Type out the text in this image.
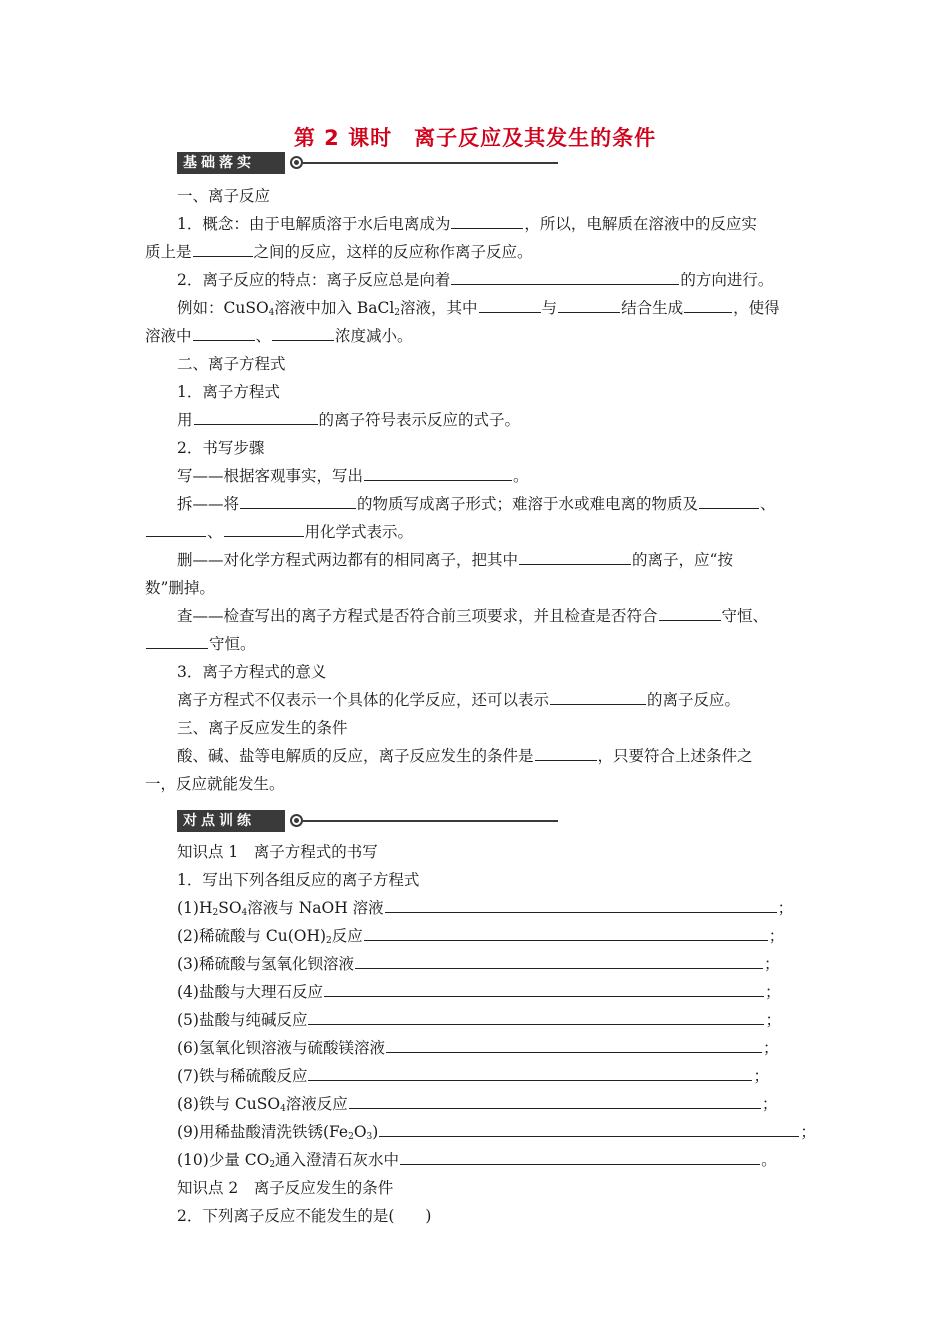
第 2 课时　离子反应及其发生的条件
基础落实
一、离子反应
1．概念：由于电解质溶于水后电离成为	，所以，电解质在溶液中的反应实
质上是	之间的反应，这样的反应称作离子反应。
2．离子反应的特点：离子反应总是向着	的方向进行。
例如：CuSO$_4$溶液中加入 BaCl$_2$溶液，其中	与	结合生成	，使得
溶液中	、	浓度减小。
二、离子方程式
1．离子方程式
用	的离子符号表示反应的式子。
2．书写步骤
写——根据客观事实，写出	。
拆——将	的物质写成离子形式；难溶于水或难电离的物质及	、
、	用化学式表示。
删——对化学方程式两边都有的相同离子，把其中	的离子，应“按
数”删掉。
查——检查写出的离子方程式是否符合前三项要求，并且检查是否符合	守恒、
守恒。
3．离子方程式的意义
离子方程式不仅表示一个具体的化学反应，还可以表示	的离子反应。
三、离子反应发生的条件
酸、碱、盐等电解质的反应，离子反应发生的条件是	，只要符合上述条件之
一，反应就能发生。
对点训练
知识点 1　离子方程式的书写
1．写出下列各组反应的离子方程式
$(1)H_2SO_4$溶液与 NaOH 溶液	；
(2)稀硫酸与 $Cu(OH)_2$反应	；
(3)稀硫酸与氢氧化钡溶液	；
(4)盐酸与大理石反应	；
(5)盐酸与纯碱反应	；
(6)氢氧化钡溶液与硫酸镁溶液	；
(7)铁与稀硫酸反应	；
(8)铁与 CuSO$_4$溶液反应	；
(9)用稀盐酸清洗铁锈$(Fe_2O_3)$	；
(10)少量 $CO_2$通入澄清石灰水中	。
知识点 2　离子反应发生的条件
2．下列离子反应不能发生的是(　　)
